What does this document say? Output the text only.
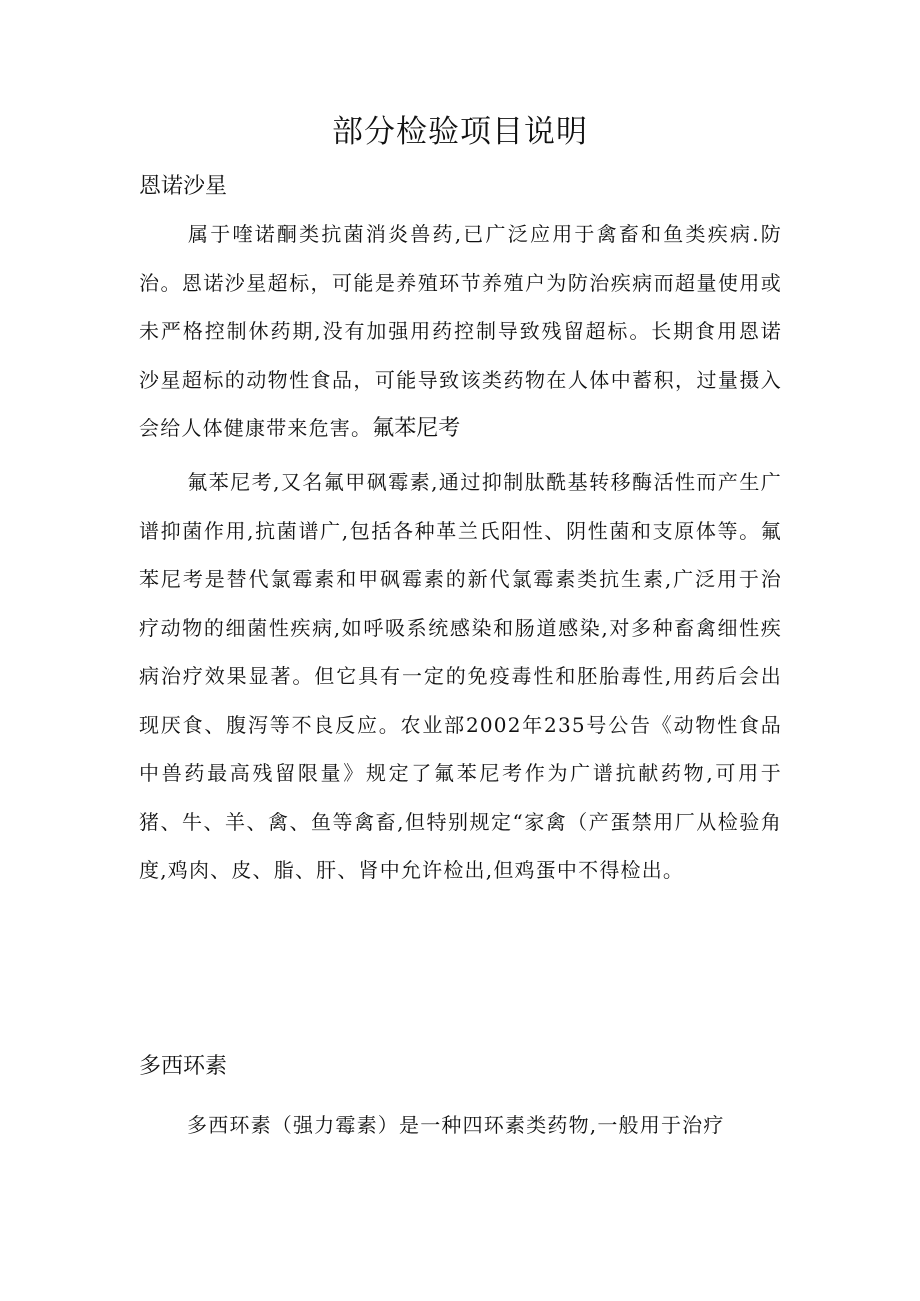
部分检验项目说明
恩诺沙星

属于喹诺酮类抗菌消炎兽药,已广泛应用于禽畜和鱼类疾病.防治。恩诺沙星超标，可能是养殖环节养殖户为防治疾病而超量使用或未严格控制休药期,没有加强用药控制导致残留超标。长期食用恩诺沙星超标的动物性食品，可能导致该类药物在人体中蓄积，过量摄入会给人体健康带来危害。氟苯尼考

氟苯尼考,又名氟甲砜霉素,通过抑制肽酰基转移酶活性而产生广谱抑菌作用,抗菌谱广,包括各种革兰氏阳性、阴性菌和支原体等。氟苯尼考是替代氯霉素和甲砜霉素的新代氯霉素类抗生素,广泛用于治疗动物的细菌性疾病,如呼吸系统感染和肠道感染,对多种畜禽细性疾病治疗效果显著。但它具有一定的免疫毒性和胚胎毒性,用药后会出现厌食、腹泻等不良反应。农业部2002年235号公告《动物性食品中兽药最高残留限量》规定了氟苯尼考作为广谱抗献药物,可用于猪、牛、羊、禽、鱼等禽畜,但特别规定“家禽（产蛋禁用厂从检验角度,鸡肉、皮、脂、肝、肾中允许检出,但鸡蛋中不得检出。

多西环素

多西环素（强力霉素）是一种四环素类药物,一般用于治疗
